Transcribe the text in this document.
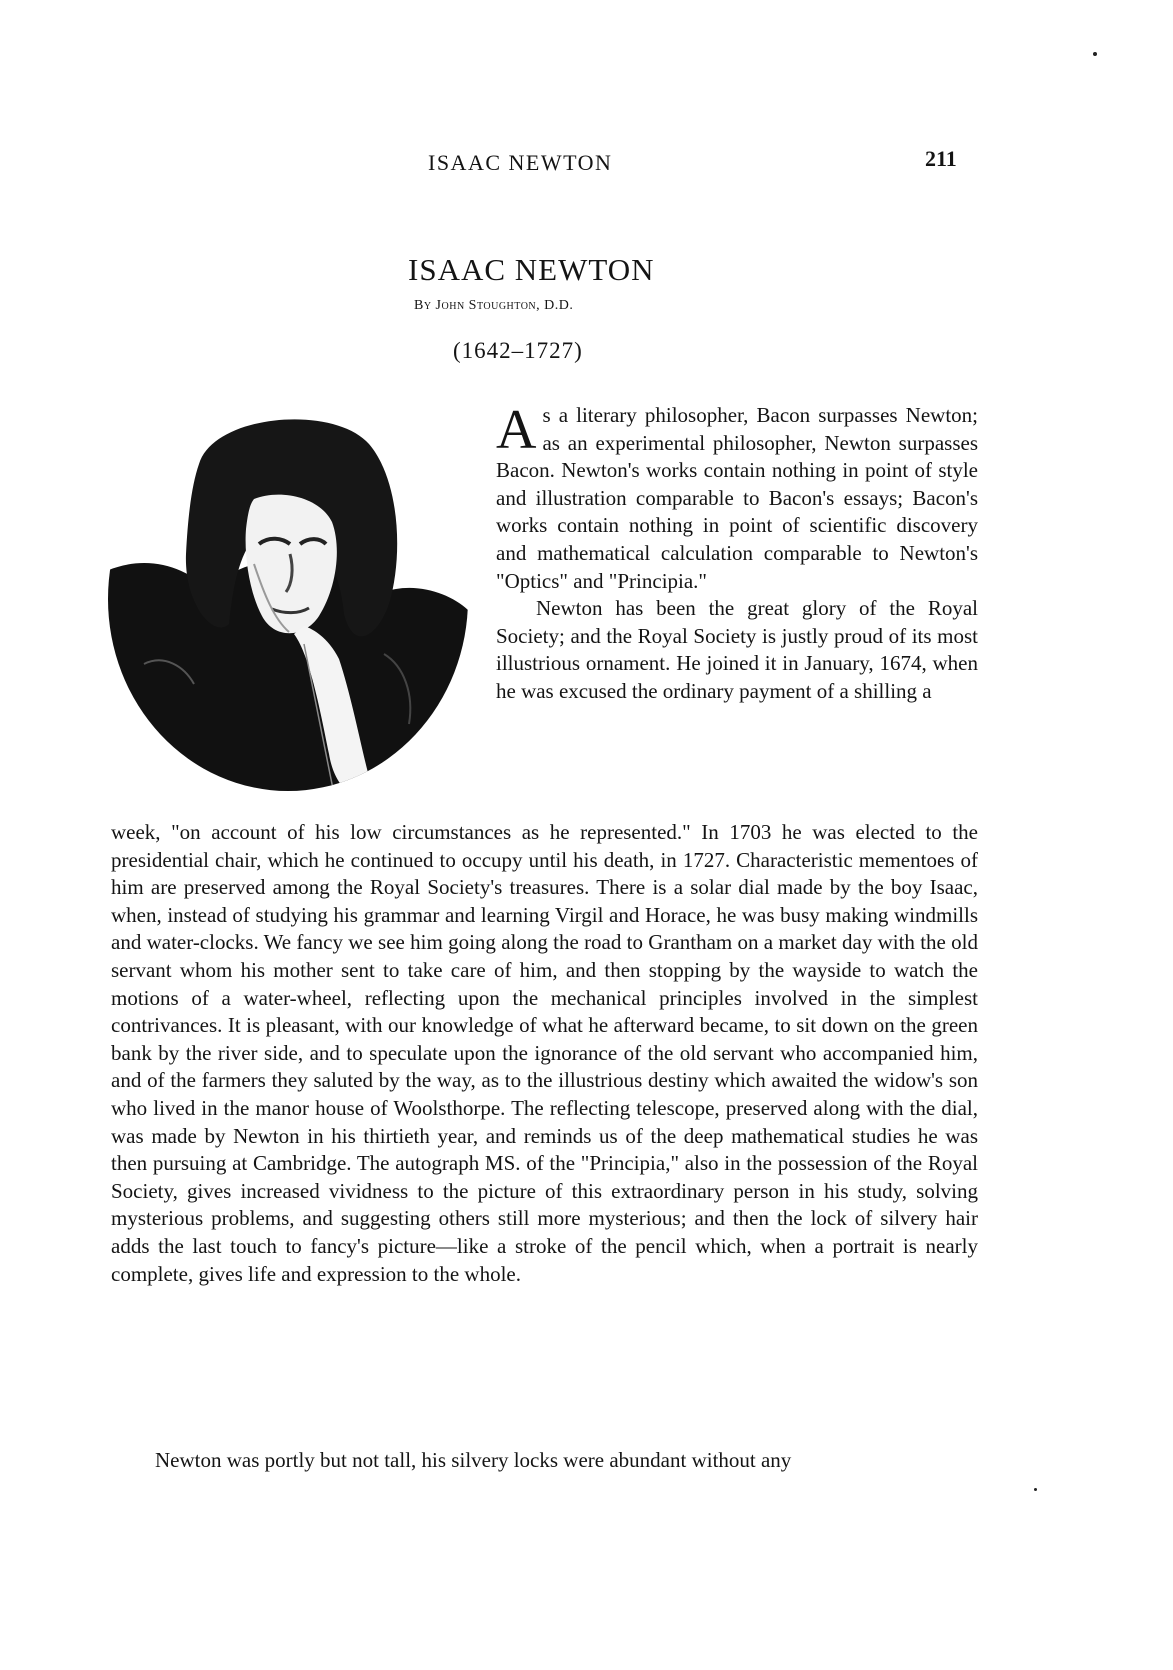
ISAAC NEWTON	211
ISAAC NEWTON
By John Stoughton, D.D.
(1642–1727)

As a literary philosopher, Bacon surpasses Newton; as an experimental philosopher, Newton surpasses Bacon. Newton's works contain nothing in point of style and illustration comparable to Bacon's essays; Bacon's works contain nothing in point of scientific discovery and mathematical calculation comparable to Newton's "Optics" and "Principia."

Newton has been the great glory of the Royal Society; and the Royal Society is justly proud of its most illustrious ornament. He joined it in January, 1674, when he was excused the ordinary payment of a shilling a

week, "on account of his low circumstances as he represented." In 1703 he was elected to the presidential chair, which he continued to occupy until his death, in 1727. Characteristic mementoes of him are preserved among the Royal Society's treasures. There is a solar dial made by the boy Isaac, when, instead of studying his grammar and learning Virgil and Horace, he was busy making windmills and water-clocks. We fancy we see him going along the road to Grantham on a market day with the old servant whom his mother sent to take care of him, and then stopping by the wayside to watch the motions of a water-wheel, reflecting upon the mechanical principles involved in the simplest contrivances. It is pleasant, with our knowledge of what he afterward became, to sit down on the green bank by the river side, and to speculate upon the ignorance of the old servant who accompanied him, and of the farmers they saluted by the way, as to the illustrious destiny which awaited the widow's son who lived in the manor house of Woolsthorpe. The reflecting telescope, preserved along with the dial, was made by Newton in his thirtieth year, and reminds us of the deep mathematical studies he was then pursuing at Cambridge. The autograph MS. of the "Principia," also in the possession of the Royal Society, gives increased vividness to the picture of this extraordinary person in his study, solving mysterious problems, and suggesting others still more mysterious; and then the lock of silvery hair adds the last touch to fancy's picture—like a stroke of the pencil which, when a portrait is nearly complete, gives life and expression to the whole.

Newton was portly but not tall, his silvery locks were abundant without any
